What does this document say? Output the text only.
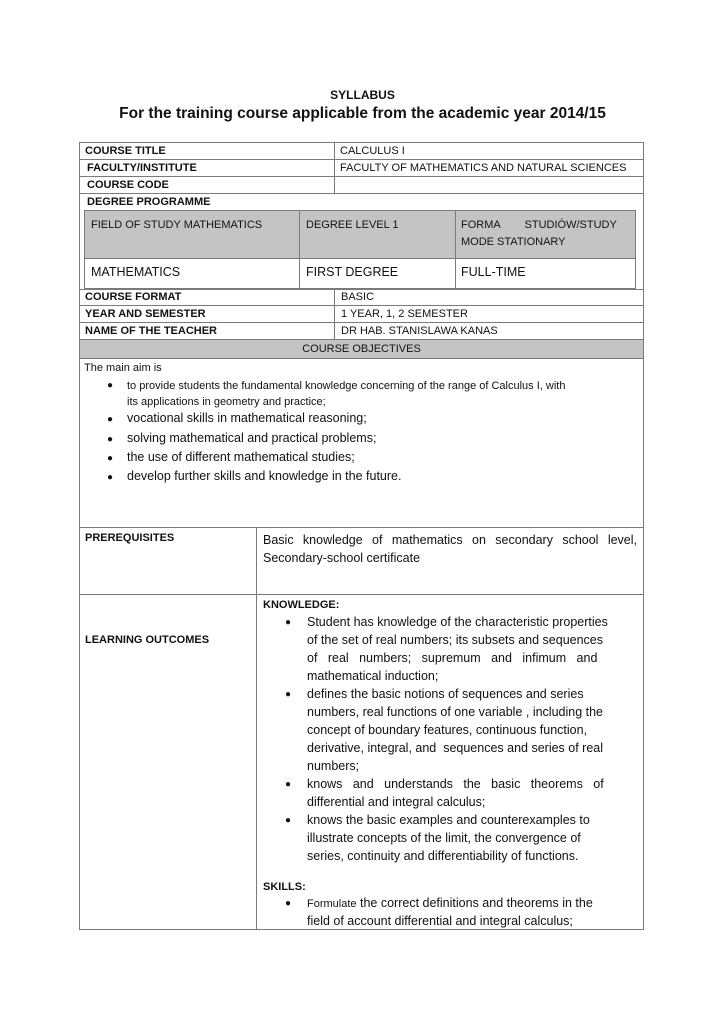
SYLLABUS
For the training course applicable from the academic year 2014/15
COURSE TITLE	CALCULUS I
FACULTY/INSTITUTE	FACULTY OF MATHEMATICS AND NATURAL SCIENCES
COURSE CODE
DEGREE PROGRAMME
FIELD OF STUDY MATHEMATICS	DEGREE LEVEL 1	FORMA        STUDIÓW/STUDY
MODE STATIONARY
MATHEMATICS	FIRST DEGREE	FULL-TIME
COURSE FORMAT	BASIC
YEAR AND SEMESTER	1 YEAR, 1, 2 SEMESTER
NAME OF THE TEACHER	DR HAB. STANISLAWA KANAS
COURSE OBJECTIVES
The main aim is
● to provide students the fundamental knowledge concerning of the range of Calculus I, with
its applications in geometry and practice;
● vocational skills in mathematical reasoning;
● solving mathematical and practical problems;
● the use of different mathematical studies;
● develop further skills and knowledge in the future.
PREREQUISITES	Basic knowledge of mathematics on secondary school level,
Secondary-school certificate
LEARNING OUTCOMES
KNOWLEDGE:
● Student has knowledge of the characteristic properties
of the set of real numbers; its subsets and sequences
of   real   numbers;   supremum   and   infimum   and
mathematical induction;
● defines the basic notions of sequences and series
numbers, real functions of one variable , including the
concept of boundary features, continuous function,
derivative, integral, and  sequences and series of real
numbers;
● knows   and   understands   the   basic   theorems   of
differential and integral calculus;
● knows the basic examples and counterexamples to
illustrate concepts of the limit, the convergence of
series, continuity and differentiability of functions.
SKILLS:
● Formulate the correct definitions and theorems in the
field of account differential and integral calculus;
